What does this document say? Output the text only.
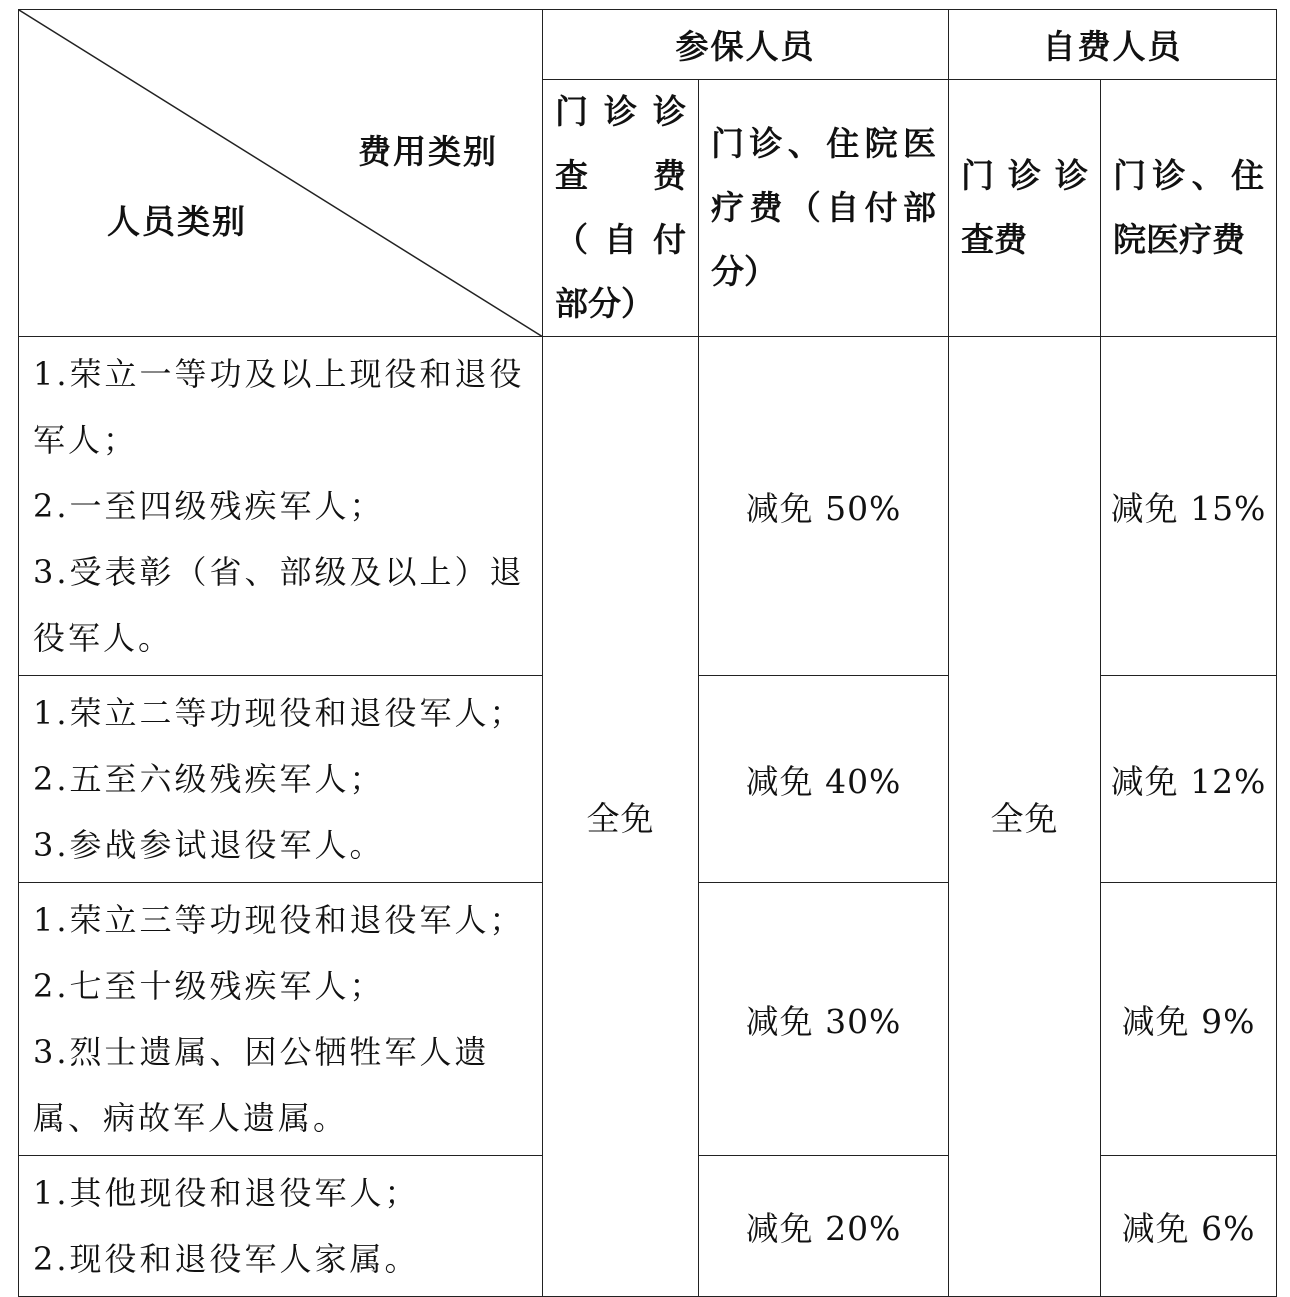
费用类别
人员类别	参保人员		自费人员	
	门诊诊查费（自付部分）	门诊、住院医疗费（自付部分）	门诊诊查费	门诊、住院医疗费

1.荣立一等功及以上现役和退役军人；
2.一至四级残疾军人；
3.受表彰（省、部级及以上）退役军人。	全免	减免 50%	全免	减免 15%

1.荣立二等功现役和退役军人；
2.五至六级残疾军人；
3.参战参试退役军人。		减免 40%		减免 12%

1.荣立三等功现役和退役军人；
2.七至十级残疾军人；
3.烈士遗属、因公牺牲军人遗属、病故军人遗属。		减免 30%		减免 9%

1.其他现役和退役军人；
2.现役和退役军人家属。		减免 20%		减免 6%
